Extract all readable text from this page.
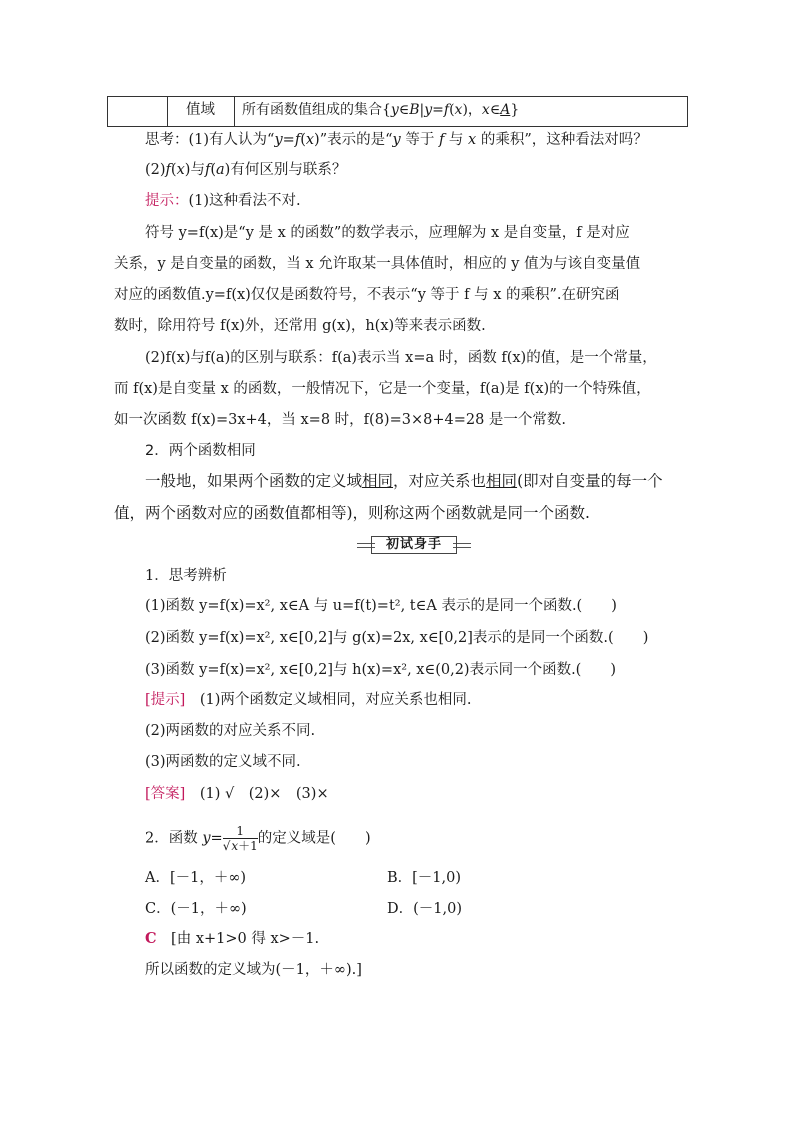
值域	所有函数值组成的集合{y∈B|y=f(x)，x∈A}
思考：(1)有人认为“y=f(x)”表示的是“y 等于 f 与 x 的乘积”，这种看法对吗？
(2)f(x)与f(a)有何区别与联系？
提示：(1)这种看法不对.
符号 y=f(x)是“y 是 x 的函数”的数学表示，应理解为 x 是自变量，f 是对应
关系，y 是自变量的函数，当 x 允许取某一具体值时，相应的 y 值为与该自变量值
对应的函数值.y=f(x)仅仅是函数符号，不表示“y 等于 f 与 x 的乘积”.在研究函
数时，除用符号 f(x)外，还常用 g(x)，h(x)等来表示函数.
(2)f(x)与f(a)的区别与联系：f(a)表示当 x=a 时，函数 f(x)的值，是一个常量，
而 f(x)是自变量 x 的函数，一般情况下，它是一个变量，f(a)是 f(x)的一个特殊值，
如一次函数 f(x)=3x+4，当 x=8 时，f(8)=3×8+4=28 是一个常数.
2．两个函数相同
一般地，如果两个函数的定义域相同，对应关系也相同(即对自变量的每一个
值，两个函数对应的函数值都相等)，则称这两个函数就是同一个函数.
初试身手
1．思考辨析
(1)函数 y=f(x)=x², x∈A 与 u=f(t)=t², t∈A 表示的是同一个函数.(　　)
(2)函数 y=f(x)=x², x∈[0,2]与 g(x)=2x, x∈[0,2]表示的是同一个函数.(　　)
(3)函数 y=f(x)=x², x∈[0,2]与 h(x)=x², x∈(0,2)表示同一个函数.(　　)
[提示]　 (1)两个函数定义域相同，对应关系也相同.
(2)两函数的对应关系不同.
(3)两函数的定义域不同.
[答案]　 (1) √　(2)×　(3)×
2．函数 $y= \frac{1}{√x+1}$ 的定义域是(　　)
A．[－1，＋∞)	B．[－1,0)
C．(－1，＋∞)	D．(－1,0)
C　 [由 x+1>0 得 x>－1.
所以函数的定义域为(－1，＋∞).]
